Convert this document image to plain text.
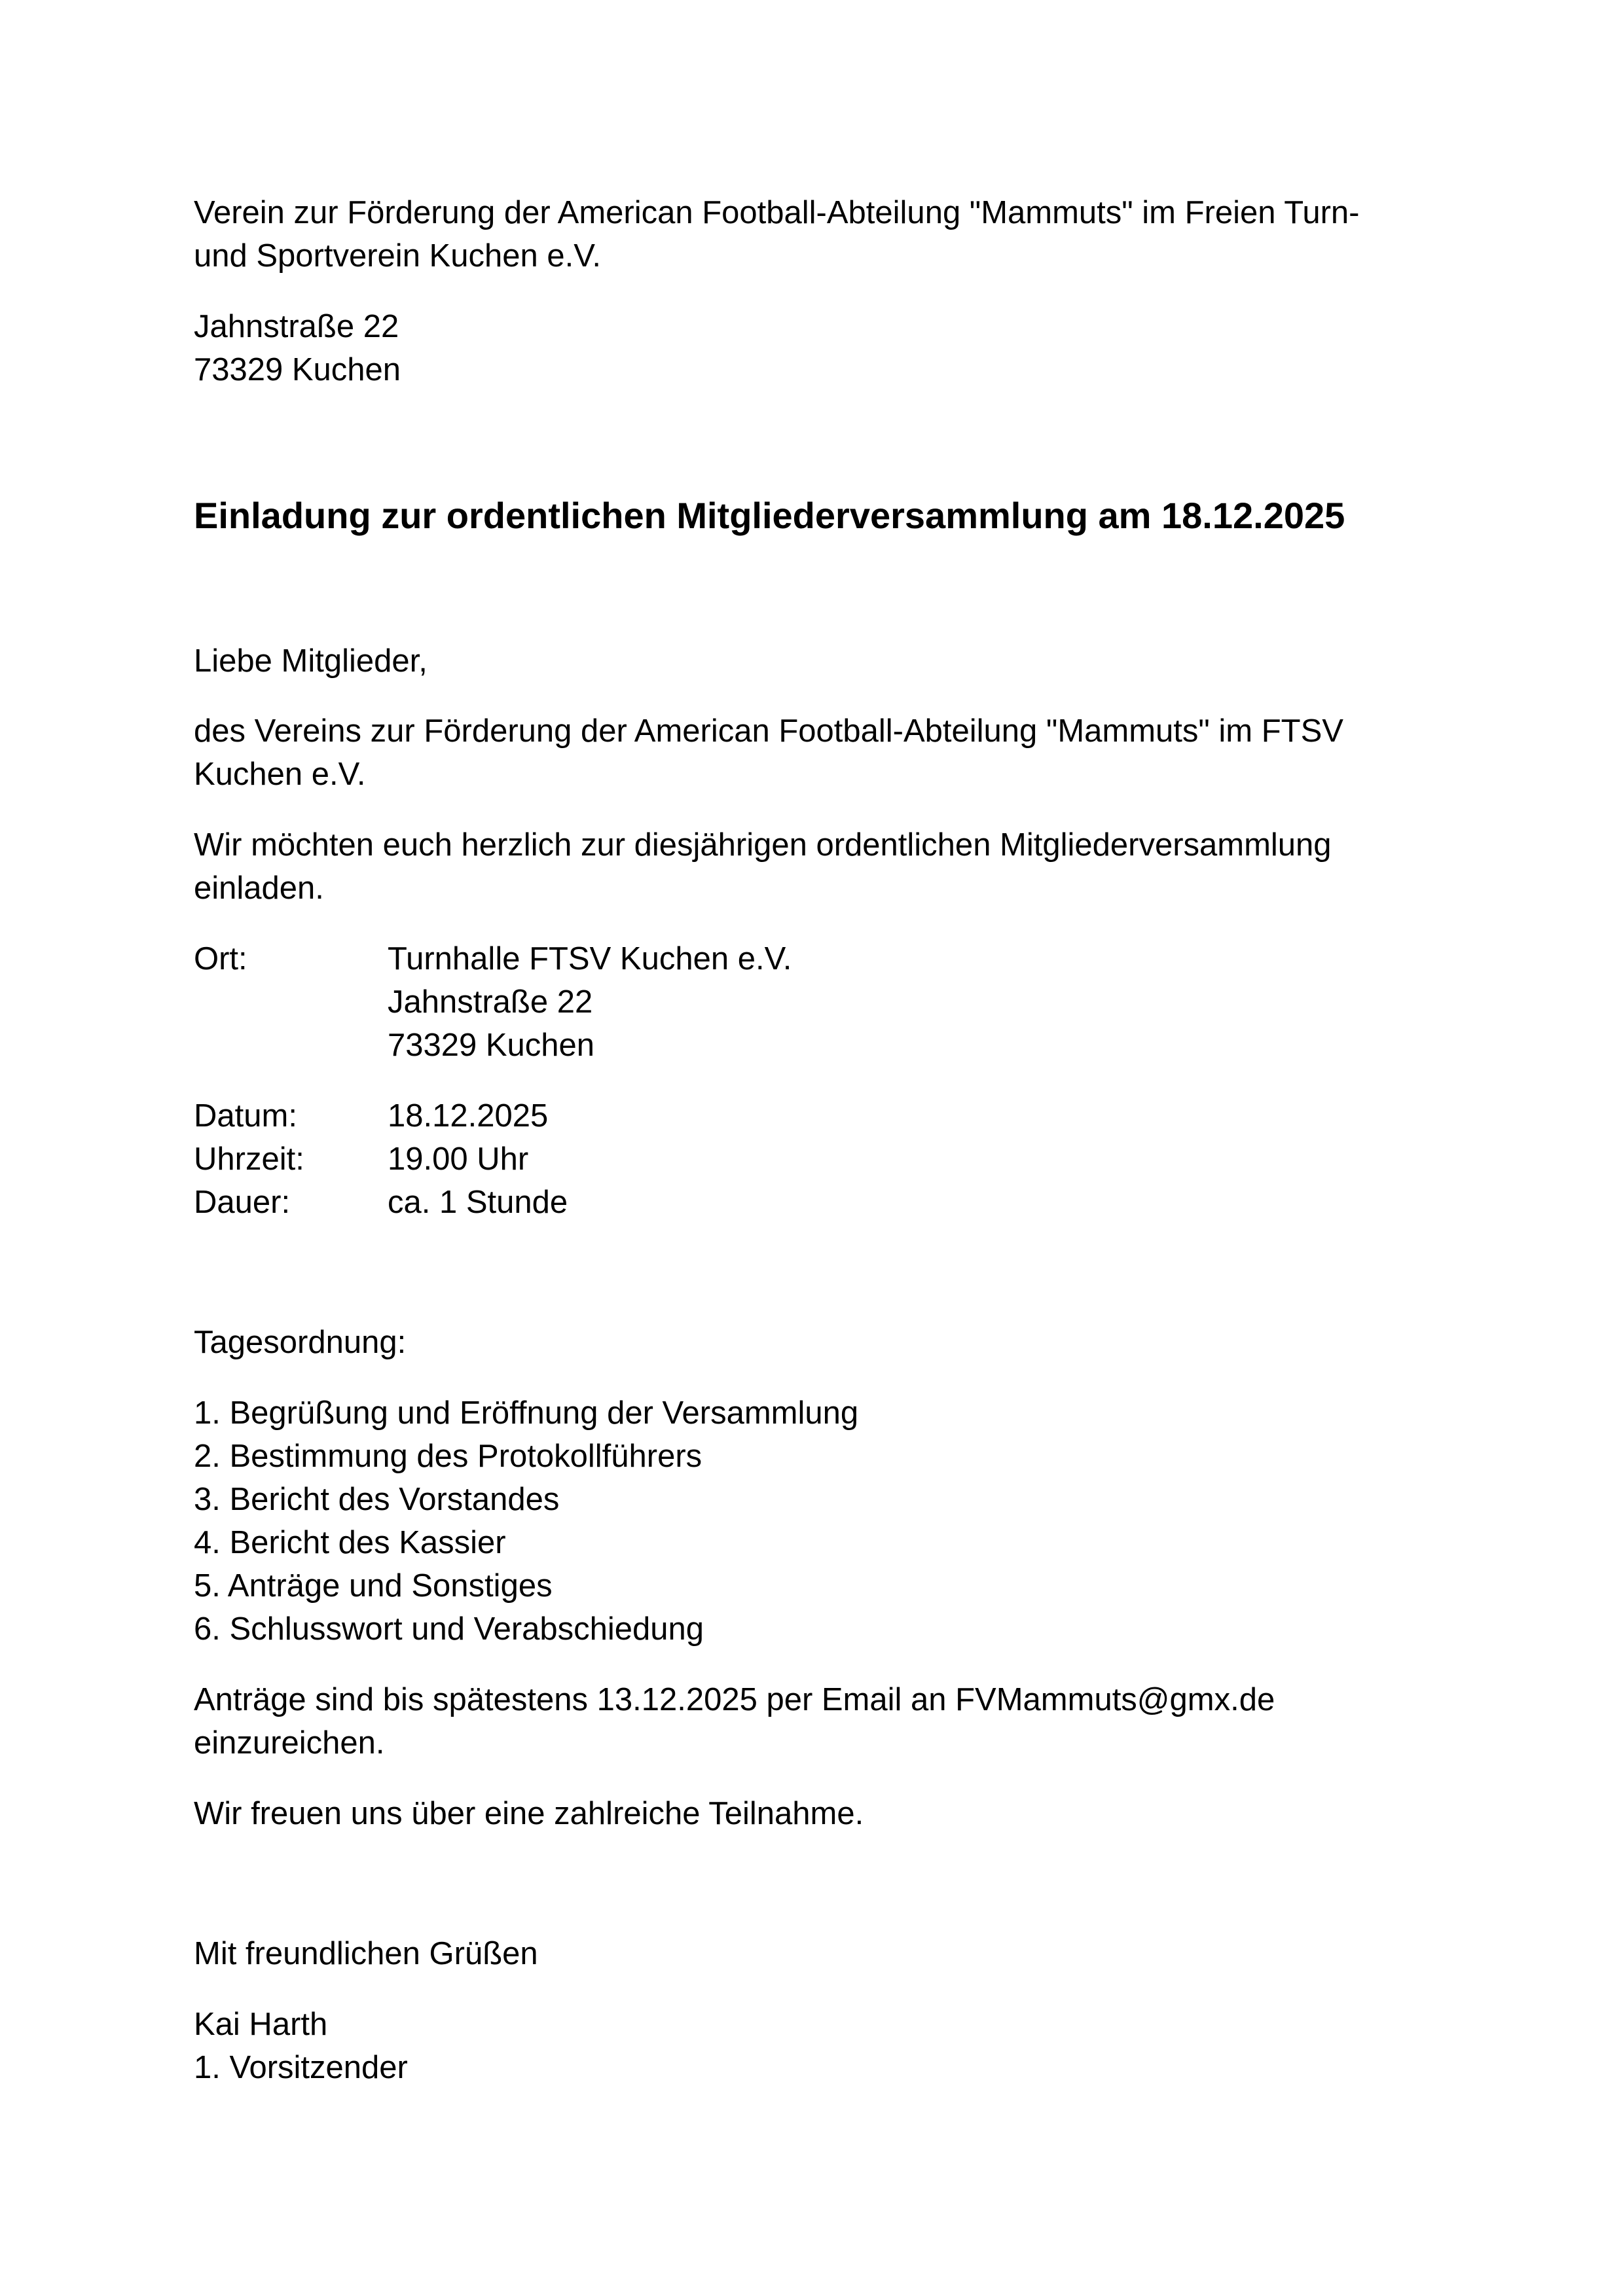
Verein zur Förderung der American Football-Abteilung "Mammuts" im Freien Turn-

und Sportverein Kuchen e.V.

Jahnstraße 22

73329 Kuchen

Einladung zur ordentlichen Mitgliederversammlung am 18.12.2025

Liebe Mitglieder,

des Vereins zur Förderung der American Football-Abteilung "Mammuts" im FTSV

Kuchen e.V.

Wir möchten euch herzlich zur diesjährigen ordentlichen Mitgliederversammlung

einladen.

Ort:	Turnhalle FTSV Kuchen e.V.
Jahnstraße 22
73329 Kuchen
Datum:	18.12.2025
Uhrzeit:	19.00 Uhr
Dauer:	ca. 1 Stunde

Tagesordnung:

1. Begrüßung und Eröffnung der Versammlung

2. Bestimmung des Protokollführers

3. Bericht des Vorstandes

4. Bericht des Kassier

5. Anträge und Sonstiges

6. Schlusswort und Verabschiedung

Anträge sind bis spätestens 13.12.2025 per Email an FVMammuts@gmx.de

einzureichen.

Wir freuen uns über eine zahlreiche Teilnahme.

Mit freundlichen Grüßen

Kai Harth

1. Vorsitzender
